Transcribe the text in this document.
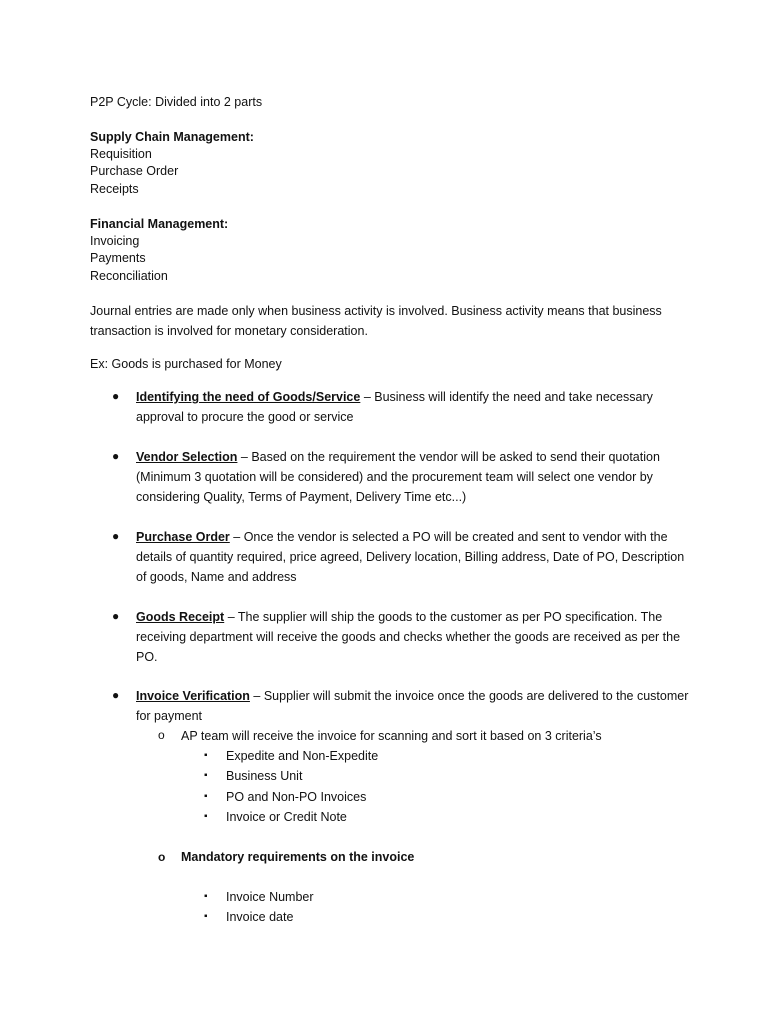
P2P Cycle: Divided into 2 parts
Supply Chain Management:
Requisition
Purchase Order
Receipts
Financial Management:
Invoicing
Payments
Reconciliation
Journal entries are made only when business activity is involved. Business activity means that business
transaction is involved for monetary consideration.
Ex: Goods is purchased for Money
● Identifying the need of Goods/Service – Business will identify the need and take necessary approval to procure the good or service
● Vendor Selection – Based on the requirement the vendor will be asked to send their quotation (Minimum 3 quotation will be considered) and the procurement team will select one vendor by considering Quality, Terms of Payment, Delivery Time etc...)
● Purchase Order – Once the vendor is selected a PO will be created and sent to vendor with the details of quantity required, price agreed, Delivery location, Billing address, Date of PO, Description of goods, Name and address
● Goods Receipt – The supplier will ship the goods to the customer as per PO specification. The receiving department will receive the goods and checks whether the goods are received as per the PO.
● Invoice Verification – Supplier will submit the invoice once the goods are delivered to the customer for payment
o AP team will receive the invoice for scanning and sort it based on 3 criteria’s
▪ Expedite and Non-Expedite
▪ Business Unit
▪ PO and Non-PO Invoices
▪ Invoice or Credit Note
o Mandatory requirements on the invoice
▪ Invoice Number
▪ Invoice date
